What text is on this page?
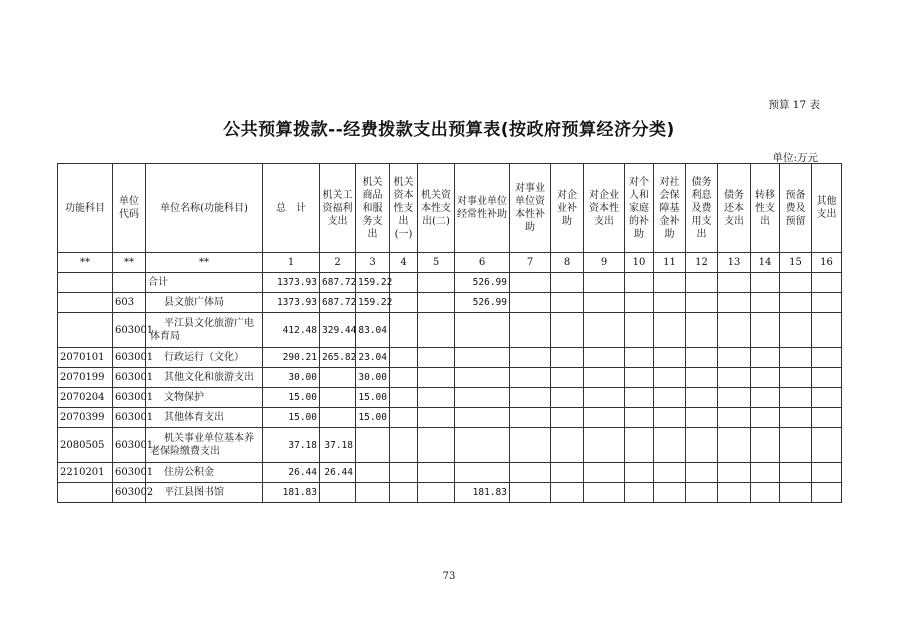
预算 17 表
公共预算拨款--经费拨款支出预算表(按政府预算经济分类)
单位:万元
功能科目	单位代码	单位名称(功能科目)	总　计	机关工资福利支出	机关商品和服务支出	机关资本性支出(一)	机关资本性支出(二)	对事业单位经常性补助	对事业单位资本性补助	对企业补助	对企业资本性支出	对个人和家庭的补助	对社会保障基金补助	债务利息及费用支出	债务还本支出	转移性支出	预备费及预留	其他支出
**	**	**	1	2	3	4	5	6	7	8	9	10	11	12	13	14	15	16
		合计	1373.93	687.72	159.22			526.99										
	603	县文旅广体局	1373.93	687.72	159.22			526.99										
	603001	平江县文化旅游广电体育局	412.48	329.44	83.04													
2070101	603001	行政运行（文化）	290.21	265.82	23.04													
2070199	603001	其他文化和旅游支出	30.00		30.00													
2070204	603001	文物保护	15.00		15.00													
2070399	603001	其他体育支出	15.00		15.00													
2080505	603001	机关事业单位基本养老保险缴费支出	37.18	37.18														
2210201	603001	住房公积金	26.44	26.44														
	603002	平江县图书馆	181.83					181.83										
73
